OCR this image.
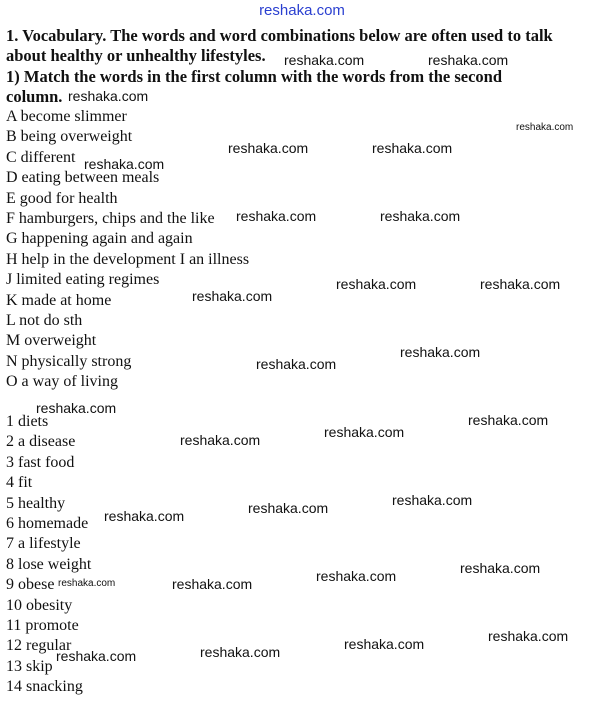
reshaka.com
1. Vocabulary. The words and word combinations below are often used to talk
about healthy or unhealthy lifestyles.
1) Match the words in the first column with the words from the second
column.
A become slimmer
B being overweight
C different
D eating between meals
E good for health
F hamburgers, chips and the like
G happening again and again
H help in the development I an illness
J limited eating regimes
K made at home
L not do sth
M overweight
N physically strong
O a way of living
1 diets
2 a disease
3 fast food
4 fit
5 healthy
6 homemade
7 a lifestyle
8 lose weight
9 obese
10 obesity
11 promote
12 regular
13 skip
14 snacking
reshaka.com	reshaka.com
reshaka.com
reshaka.com
reshaka.com	reshaka.com
reshaka.com
reshaka.com	reshaka.com
reshaka.com	reshaka.com
reshaka.com
reshaka.com
reshaka.com
reshaka.com
reshaka.com
reshaka.com
reshaka.com
reshaka.com
reshaka.com
reshaka.com
reshaka.com
reshaka.com
reshaka.com
reshaka.com
reshaka.com
reshaka.com
reshaka.com
reshaka.com
